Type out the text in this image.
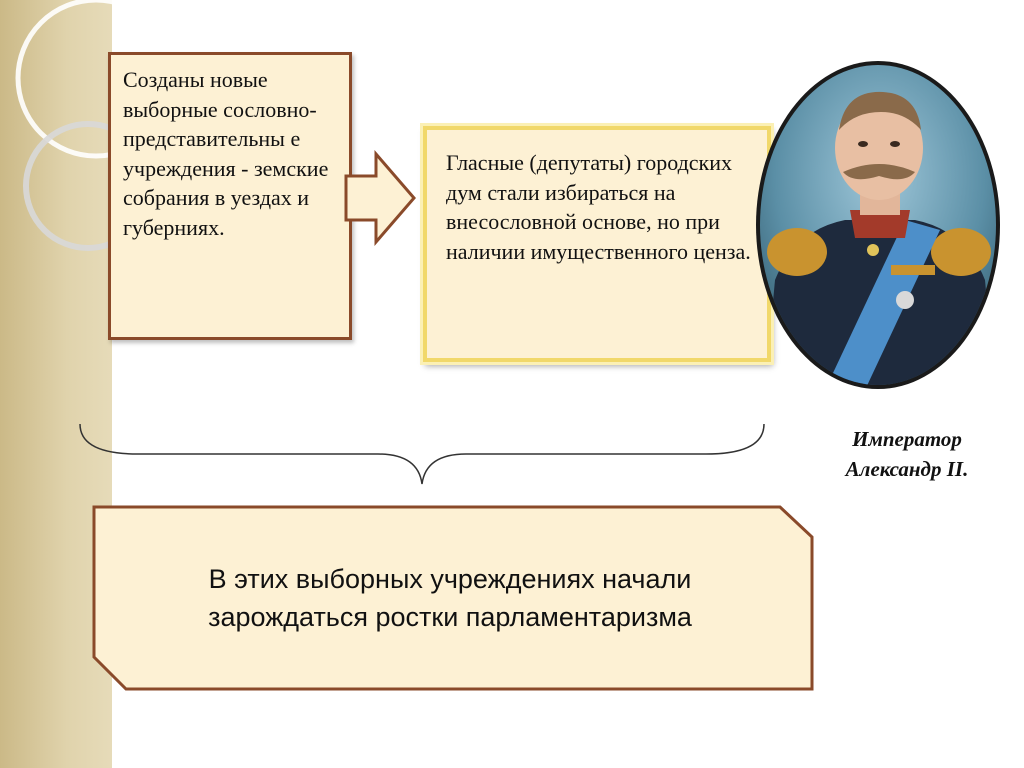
Созданы новые выборные сословно-представительны е учреждения - земские собрания в уездах и губерниях.
Гласные (депутаты) городских дум стали избираться на внесословной основе, но при наличии имущественного ценза.
Император Александр II.
В этих выборных учреждениях начали зарождаться ростки парламентаризма
